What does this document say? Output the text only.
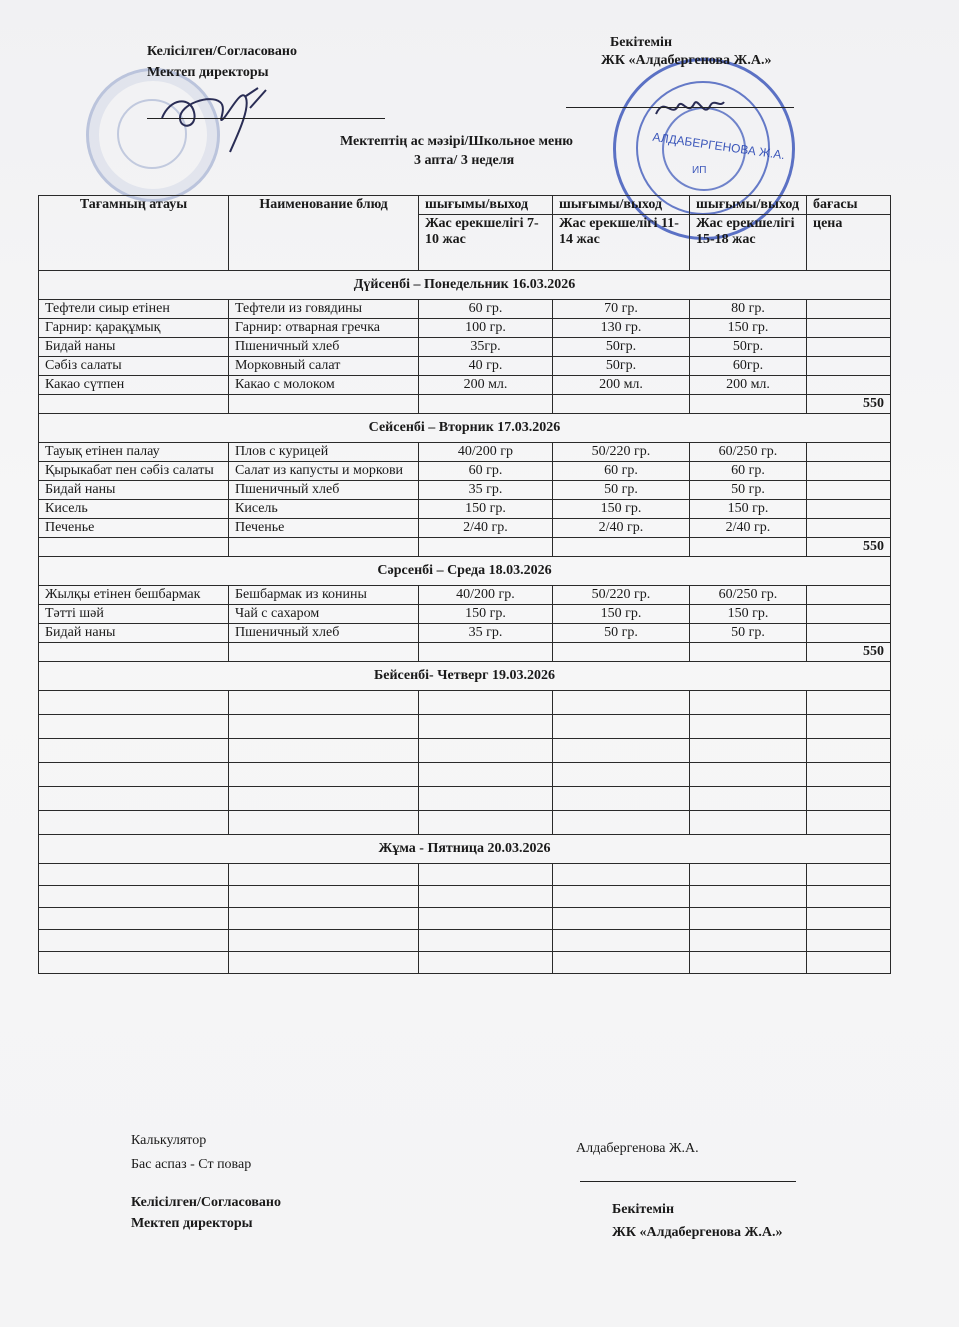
АЛДАБЕРГЕНОВА Ж.А.
ИП
Келісілген/Согласовано
Мектеп директоры
Бекітемін
ЖК «Алдабергенова Ж.А.»
Мектептің ас мәзірі/Школьное меню
3 апта/ 3 неделя
Тағамның атауы	Наименование блюд	шығымы/выход	шығымы/выход	шығымы/выход	бағасы
		Жас ерекшелігі 7-10 жас	Жас ерекшелігі 11-14 жас	Жас ерекшелігі 15-18 жас	цена
Дүйсенбі – Понедельник 16.03.2026					
Тефтели сиыр етінен	Тефтели из говядины	60 гр.	70 гр.	80 гр.	
Гарнир: қарақұмық	Гарнир: отварная гречка	100 гр.	130 гр.	150 гр.	
Бидай наны	Пшеничный хлеб	35гр.	50гр.	50гр.	
Сәбіз салаты	Морковный салат	40 гр.	50гр.	60гр.	
Какао сүтпен	Какао с молоком	200 мл.	200 мл.	200 мл.	
					550
Сейсенбі – Вторник 17.03.2026					
Тауық етінен палау	Плов с курицей	40/200 гр	50/220 гр.	60/250 гр.	
Қырыкабат пен сәбіз салаты	Салат из капусты и моркови	60 гр.	60 гр.	60 гр.	
Бидай наны	Пшеничный хлеб	35 гр.	50 гр.	50 гр.	
Кисель	Кисель	150 гр.	150 гр.	150 гр.	
Печенье	Печенье	2/40 гр.	2/40 гр.	2/40 гр.	
					550
Сәрсенбі – Среда 18.03.2026					
Жылқы етінен бешбармак	Бешбармак из конины	40/200 гр.	50/220 гр.	60/250 гр.	
Тәтті шәй	Чай с сахаром	150 гр.	150 гр.	150 гр.	
Бидай наны	Пшеничный хлеб	35 гр.	50 гр.	50 гр.	
					550
Бейсенбі- Четверг 19.03.2026					

Жұма - Пятница 20.03.2026					

Калькулятор
Бас аспаз - Ст повар
Алдабергенова Ж.А.
Келісілген/Согласовано
Мектеп директоры
Бекітемін
ЖК «Алдабергенова Ж.А.»
